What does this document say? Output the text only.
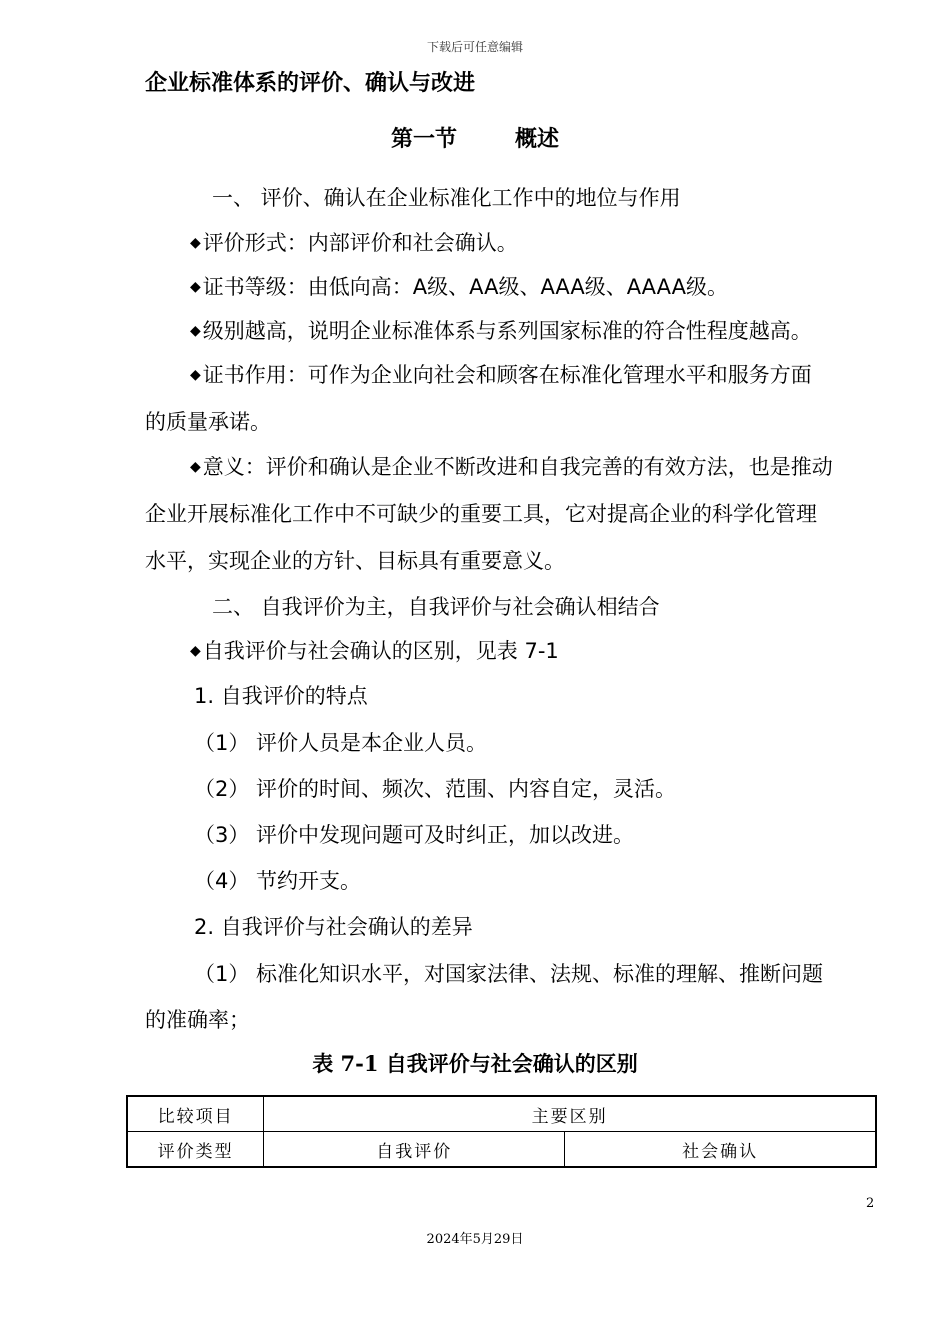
下载后可任意编辑
企业标准体系的评价、确认与改进
第一节	概述
一、 评价、确认在企业标准化工作中的地位与作用
◆评价形式：内部评价和社会确认。
◆证书等级：由低向高：A级、AA级、AAA级、AAAA级。
◆级别越高，说明企业标准体系与系列国家标准的符合性程度越高。
◆证书作用：可作为企业向社会和顾客在标准化管理水平和服务方面
的质量承诺。
◆意义：评价和确认是企业不断改进和自我完善的有效方法，也是推动
企业开展标准化工作中不可缺少的重要工具，它对提高企业的科学化管理
水平，实现企业的方针、目标具有重要意义。
二、 自我评价为主，自我评价与社会确认相结合
◆自我评价与社会确认的区别，见表 7-1
1. 自我评价的特点
（1） 评价人员是本企业人员。
（2） 评价的时间、频次、范围、内容自定，灵活。
（3） 评价中发现问题可及时纠正，加以改进。
（4） 节约开支。
2. 自我评价与社会确认的差异
（1） 标准化知识水平，对国家法律、法规、标准的理解、推断问题
的准确率；
表 7-1 自我评价与社会确认的区别
比较项目	主要区别	
评价类型	自我评价	社会确认
2
2024年5月29日
